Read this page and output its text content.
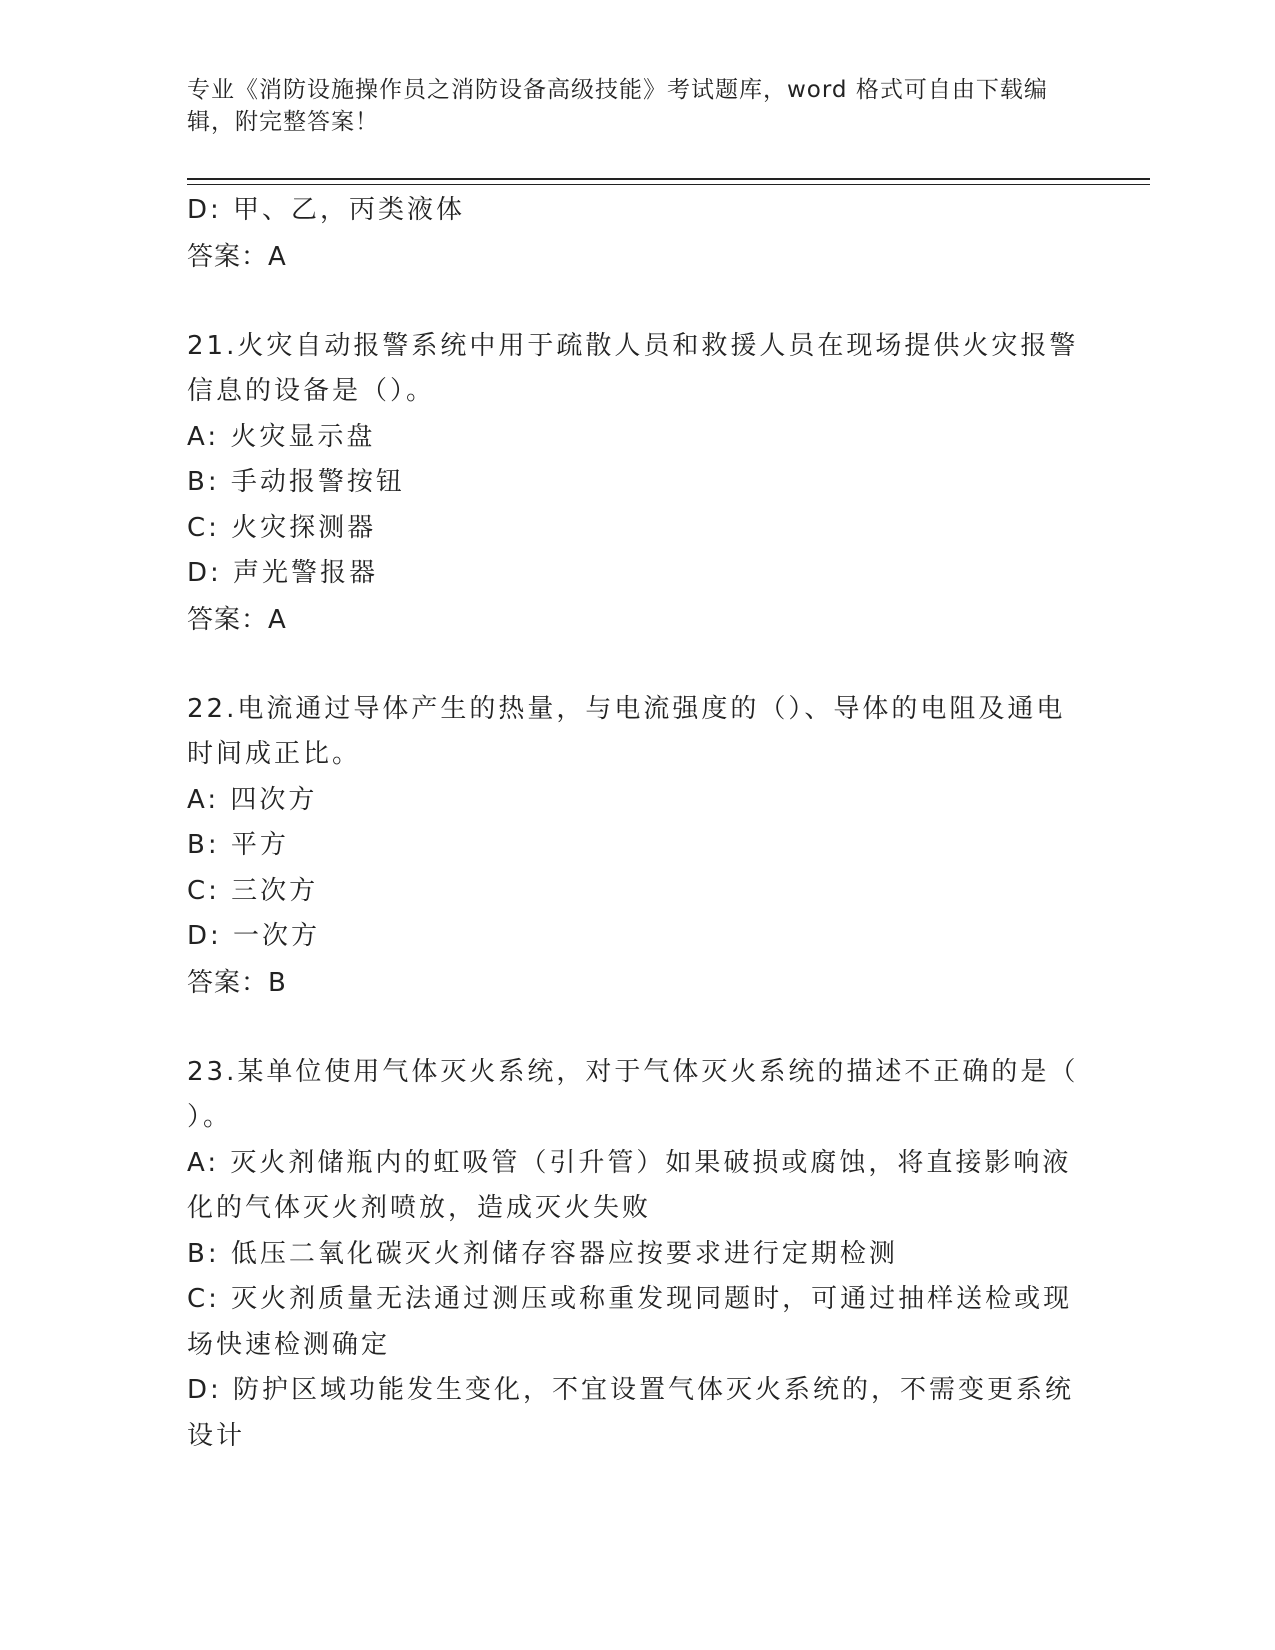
专业《消防设施操作员之消防设备高级技能》考试题库，word 格式可自由下载编
辑，附完整答案！
D: 甲、乙，丙类液体
答案：A
21.火灾自动报警系统中用于疏散人员和救援人员在现场提供火灾报警
信息的设备是（）。
A: 火灾显示盘
B: 手动报警按钮
C: 火灾探测器
D: 声光警报器
答案：A
22.电流通过导体产生的热量，与电流强度的（）、导体的电阻及通电
时间成正比。
A: 四次方
B: 平方
C: 三次方
D: 一次方
答案：B
23.某单位使用气体灭火系统，对于气体灭火系统的描述不正确的是（
）。
A: 灭火剂储瓶内的虹吸管（引升管）如果破损或腐蚀，将直接影响液
化的气体灭火剂喷放，造成灭火失败
B: 低压二氧化碳灭火剂储存容器应按要求进行定期检测
C: 灭火剂质量无法通过测压或称重发现同题时，可通过抽样送检或现
场快速检测确定
D: 防护区域功能发生变化，不宜设置气体灭火系统的，不需变更系统
设计
